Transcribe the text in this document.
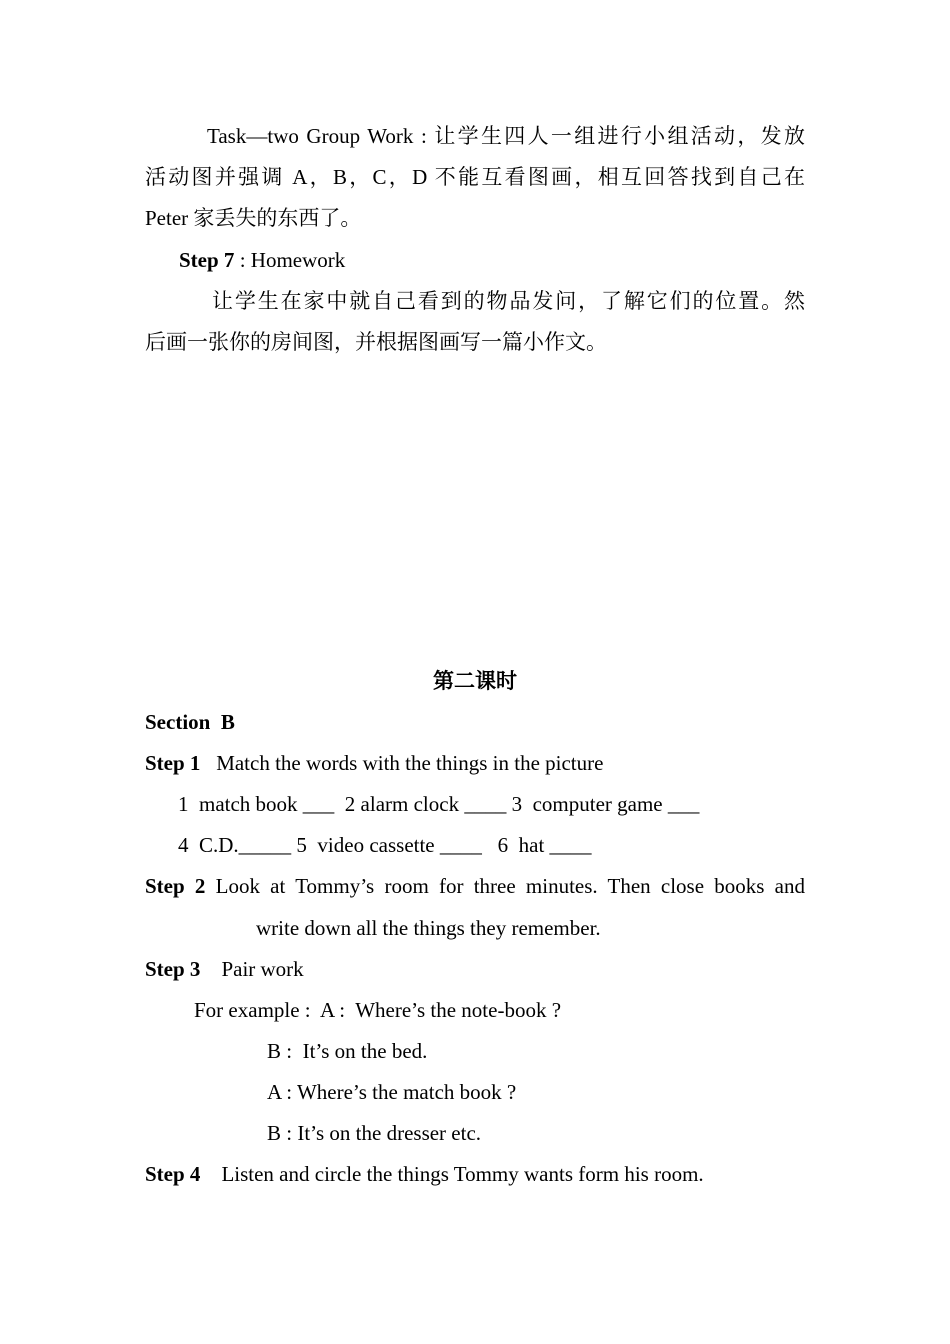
Task—two Group Work : 让学生四人一组进行小组活动，发放
活动图并强调 A，B，C，D 不能互看图画，相互回答找到自己在
Peter 家丢失的东西了。
Step 7 : Homework
让学生在家中就自己看到的物品发问，了解它们的位置。然
后画一张你的房间图，并根据图画写一篇小作文。
第二课时
Section  B
Step 1   Match the words with the things in the picture
1  match book ___  2 alarm clock ____ 3  computer game ___
4  C.D._____ 5  video cassette ____   6  hat ____
Step 2 Look at Tommy’s room for three minutes. Then close books and
write down all the things they remember.
Step 3    Pair work
For example :  A :  Where’s the note-book ?
B :  It’s on the bed.
A : Where’s the match book ?
B : It’s on the dresser etc.
Step 4    Listen and circle the things Tommy wants form his room.
